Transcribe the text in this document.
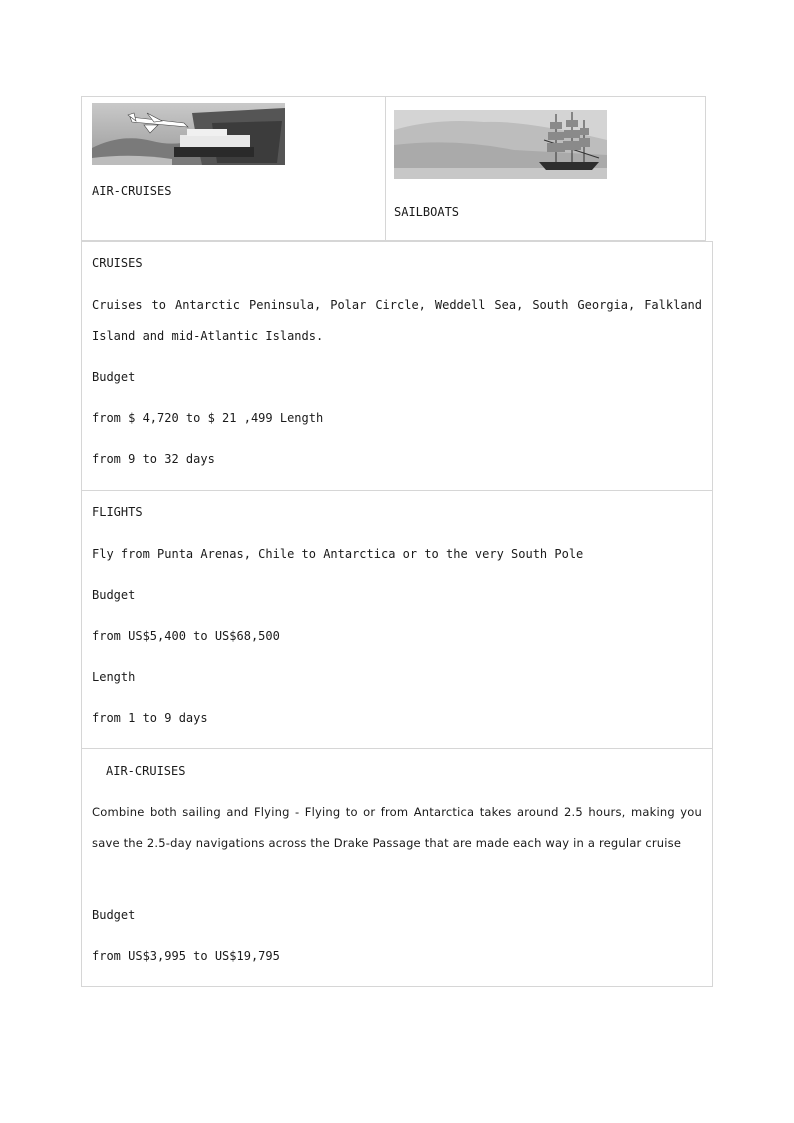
AIR-CRUISES
SAILBOATS
CRUISES
Cruises to Antarctic Peninsula, Polar Circle, Weddell Sea, South Georgia, Falkland Island and mid-Atlantic Islands.
Budget
from $ 4,720 to $ 21 ,499 Length
from 9 to 32 days
FLIGHTS
Fly from Punta Arenas, Chile to Antarctica or to the very South Pole
Budget
from US$5,400 to US$68,500
Length
from 1 to 9 days
AIR-CRUISES
Combine both sailing and Flying - Flying to or from Antarctica takes around 2.5 hours, making you save the 2.5-day navigations across the Drake Passage that are made each way in a regular cruise
Budget
from US$3,995 to US$19,795
